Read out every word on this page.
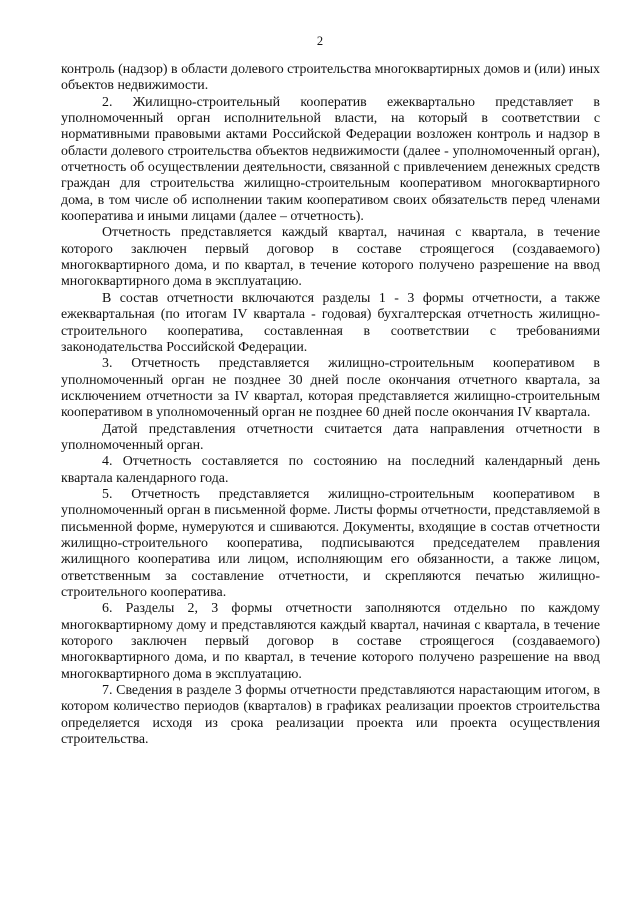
2

контроль (надзор) в области долевого строительства многоквартирных домов и (или) иных объектов недвижимости.

2. Жилищно-строительный кооператив ежеквартально представляет в уполномоченный орган исполнительной власти, на который в соответствии с нормативными правовыми актами Российской Федерации возложен контроль и надзор в области долевого строительства объектов недвижимости (далее - уполномоченный орган), отчетность об осуществлении деятельности, связанной с привлечением денежных средств граждан для строительства жилищно-строительным кооперативом многоквартирного дома, в том числе об исполнении таким кооперативом своих обязательств перед членами кооператива и иными лицами (далее – отчетность).

Отчетность представляется каждый квартал, начиная с квартала, в течение которого заключен первый договор в составе строящегося (создаваемого) многоквартирного дома, и по квартал, в течение которого получено разрешение на ввод многоквартирного дома в эксплуатацию.

В состав отчетности включаются разделы 1 - 3 формы отчетности, а также ежеквартальная (по итогам IV квартала - годовая) бухгалтерская отчетность жилищно-строительного кооператива, составленная в соответствии с требованиями законодательства Российской Федерации.

3. Отчетность представляется жилищно-строительным кооперативом в уполномоченный орган не позднее 30 дней после окончания отчетного квартала, за исключением отчетности за IV квартал, которая представляется жилищно-строительным кооперативом в уполномоченный орган не позднее 60 дней после окончания IV квартала.

Датой представления отчетности считается дата направления отчетности в уполномоченный орган.

4. Отчетность составляется по состоянию на последний календарный день квартала календарного года.

5. Отчетность представляется жилищно-строительным кооперативом в уполномоченный орган в письменной форме. Листы формы отчетности, представляемой в письменной форме, нумеруются и сшиваются. Документы, входящие в состав отчетности жилищно-строительного кооператива, подписываются председателем правления жилищного кооператива или лицом, исполняющим его обязанности, а также лицом, ответственным за составление отчетности, и скрепляются печатью жилищно-строительного кооператива.

6. Разделы 2, 3 формы отчетности заполняются отдельно по каждому многоквартирному дому и представляются каждый квартал, начиная с квартала, в течение которого заключен первый договор в составе строящегося (создаваемого) многоквартирного дома, и по квартал, в течение которого получено разрешение на ввод многоквартирного дома в эксплуатацию.

7. Сведения в разделе 3 формы отчетности представляются нарастающим итогом, в котором количество периодов (кварталов) в графиках реализации проектов строительства определяется исходя из срока реализации проекта или проекта осуществления строительства.
